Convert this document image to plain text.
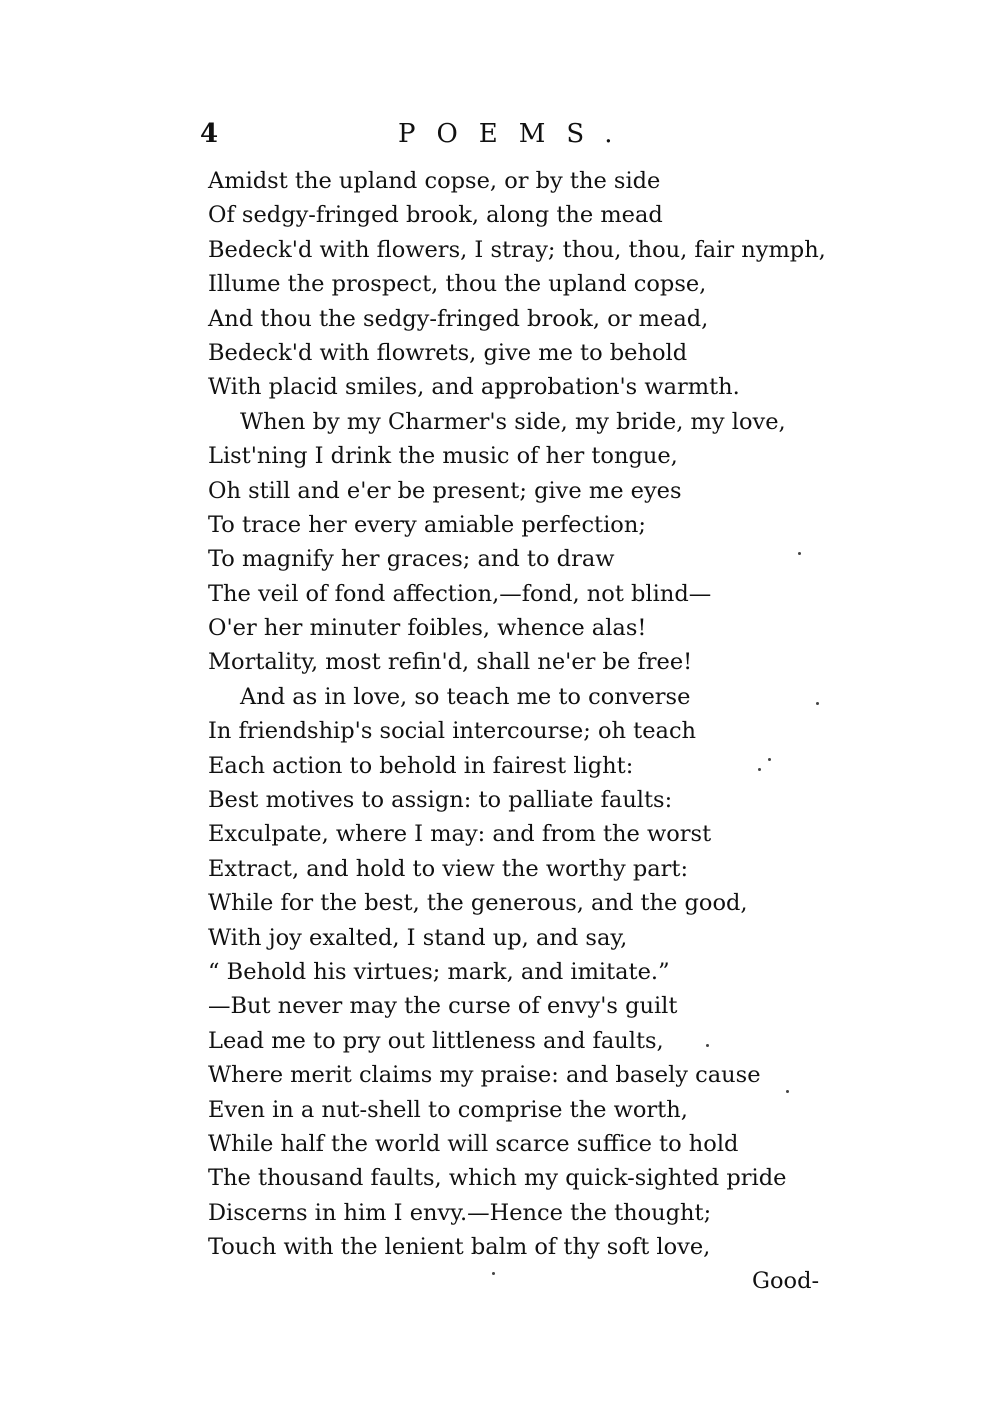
4	POEMS.
Amidst the upland copse, or by the side
Of sedgy-fringed brook, along the mead
Bedeck'd with flowers, I stray; thou, thou, fair nymph,
Illume the prospect, thou the upland copse,
And thou the sedgy-fringed brook, or mead,
Bedeck'd with flowrets, give me to behold
With placid smiles, and approbation's warmth.
When by my Charmer's side, my bride, my love,
List'ning I drink the music of her tongue,
Oh still and e'er be present; give me eyes
To trace her every amiable perfection;
To magnify her graces; and to draw
The veil of fond affection,—fond, not blind—
O'er her minuter foibles, whence alas!
Mortality, most refin'd, shall ne'er be free!
And as in love, so teach me to converse
In friendship's social intercourse; oh teach
Each action to behold in fairest light:
Best motives to assign: to palliate faults:
Exculpate, where I may: and from the worst
Extract, and hold to view the worthy part:
While for the best, the generous, and the good,
With joy exalted, I stand up, and say,
“ Behold his virtues; mark, and imitate.”
—But never may the curse of envy's guilt
Lead me to pry out littleness and faults,
Where merit claims my praise: and basely cause
Even in a nut-shell to comprise the worth,
While half the world will scarce suffice to hold
The thousand faults, which my quick-sighted pride
Discerns in him I envy.—Hence the thought;
Touch with the lenient balm of thy soft love,
Good-
